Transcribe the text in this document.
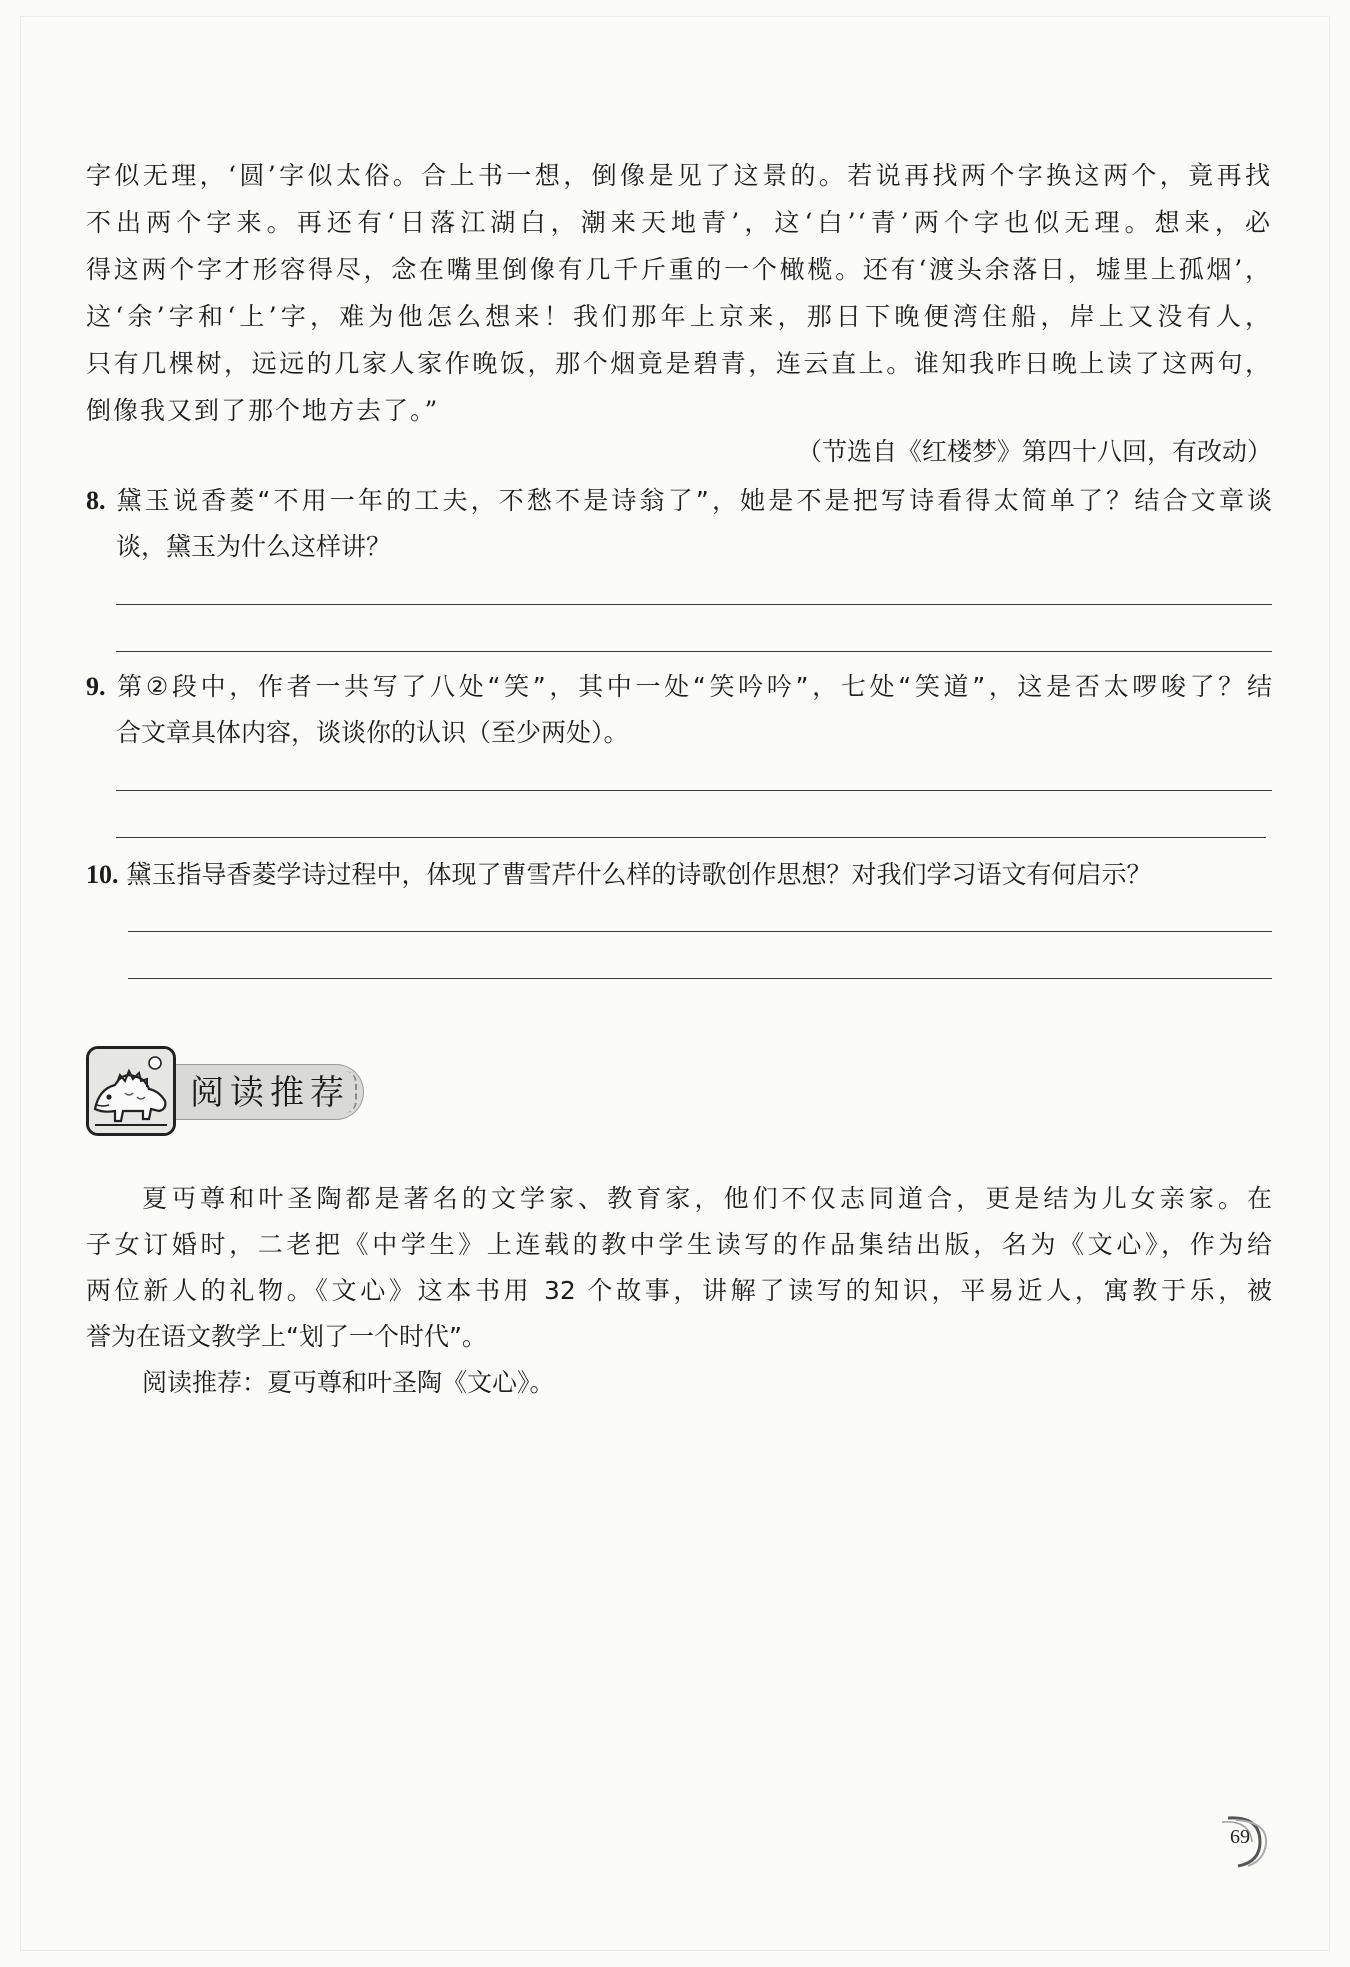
字似无理，‘圆’字似太俗。合上书一想，倒像是见了这景的。若说再找两个字换这两个，竟再找
不出两个字来。再还有‘日落江湖白，潮来天地青’，这‘白’‘青’两个字也似无理。想来，必
得这两个字才形容得尽，念在嘴里倒像有几千斤重的一个橄榄。还有‘渡头余落日，墟里上孤烟’，
这‘余’字和‘上’字，难为他怎么想来！我们那年上京来，那日下晚便湾住船，岸上又没有人，
只有几棵树，远远的几家人家作晚饭，那个烟竟是碧青，连云直上。谁知我昨日晚上读了这两句，
倒像我又到了那个地方去了。”
（节选自《红楼梦》第四十八回，有改动）
8. 黛玉说香菱“不用一年的工夫，不愁不是诗翁了”，她是不是把写诗看得太简单了？结合文章谈
谈，黛玉为什么这样讲？
9. 第②段中，作者一共写了八处“笑”，其中一处“笑吟吟”，七处“笑道”，这是否太啰唆了？结
合文章具体内容，谈谈你的认识（至少两处）。
10. 黛玉指导香菱学诗过程中，体现了曹雪芹什么样的诗歌创作思想？对我们学习语文有何启示？
阅读推荐
夏丏尊和叶圣陶都是著名的文学家、教育家，他们不仅志同道合，更是结为儿女亲家。在
子女订婚时，二老把《中学生》上连载的教中学生读写的作品集结出版，名为《文心》，作为给
两位新人的礼物。《文心》这本书用 32 个故事，讲解了读写的知识，平易近人，寓教于乐，被
誉为在语文教学上“划了一个时代”。
阅读推荐：夏丏尊和叶圣陶《文心》。
69
